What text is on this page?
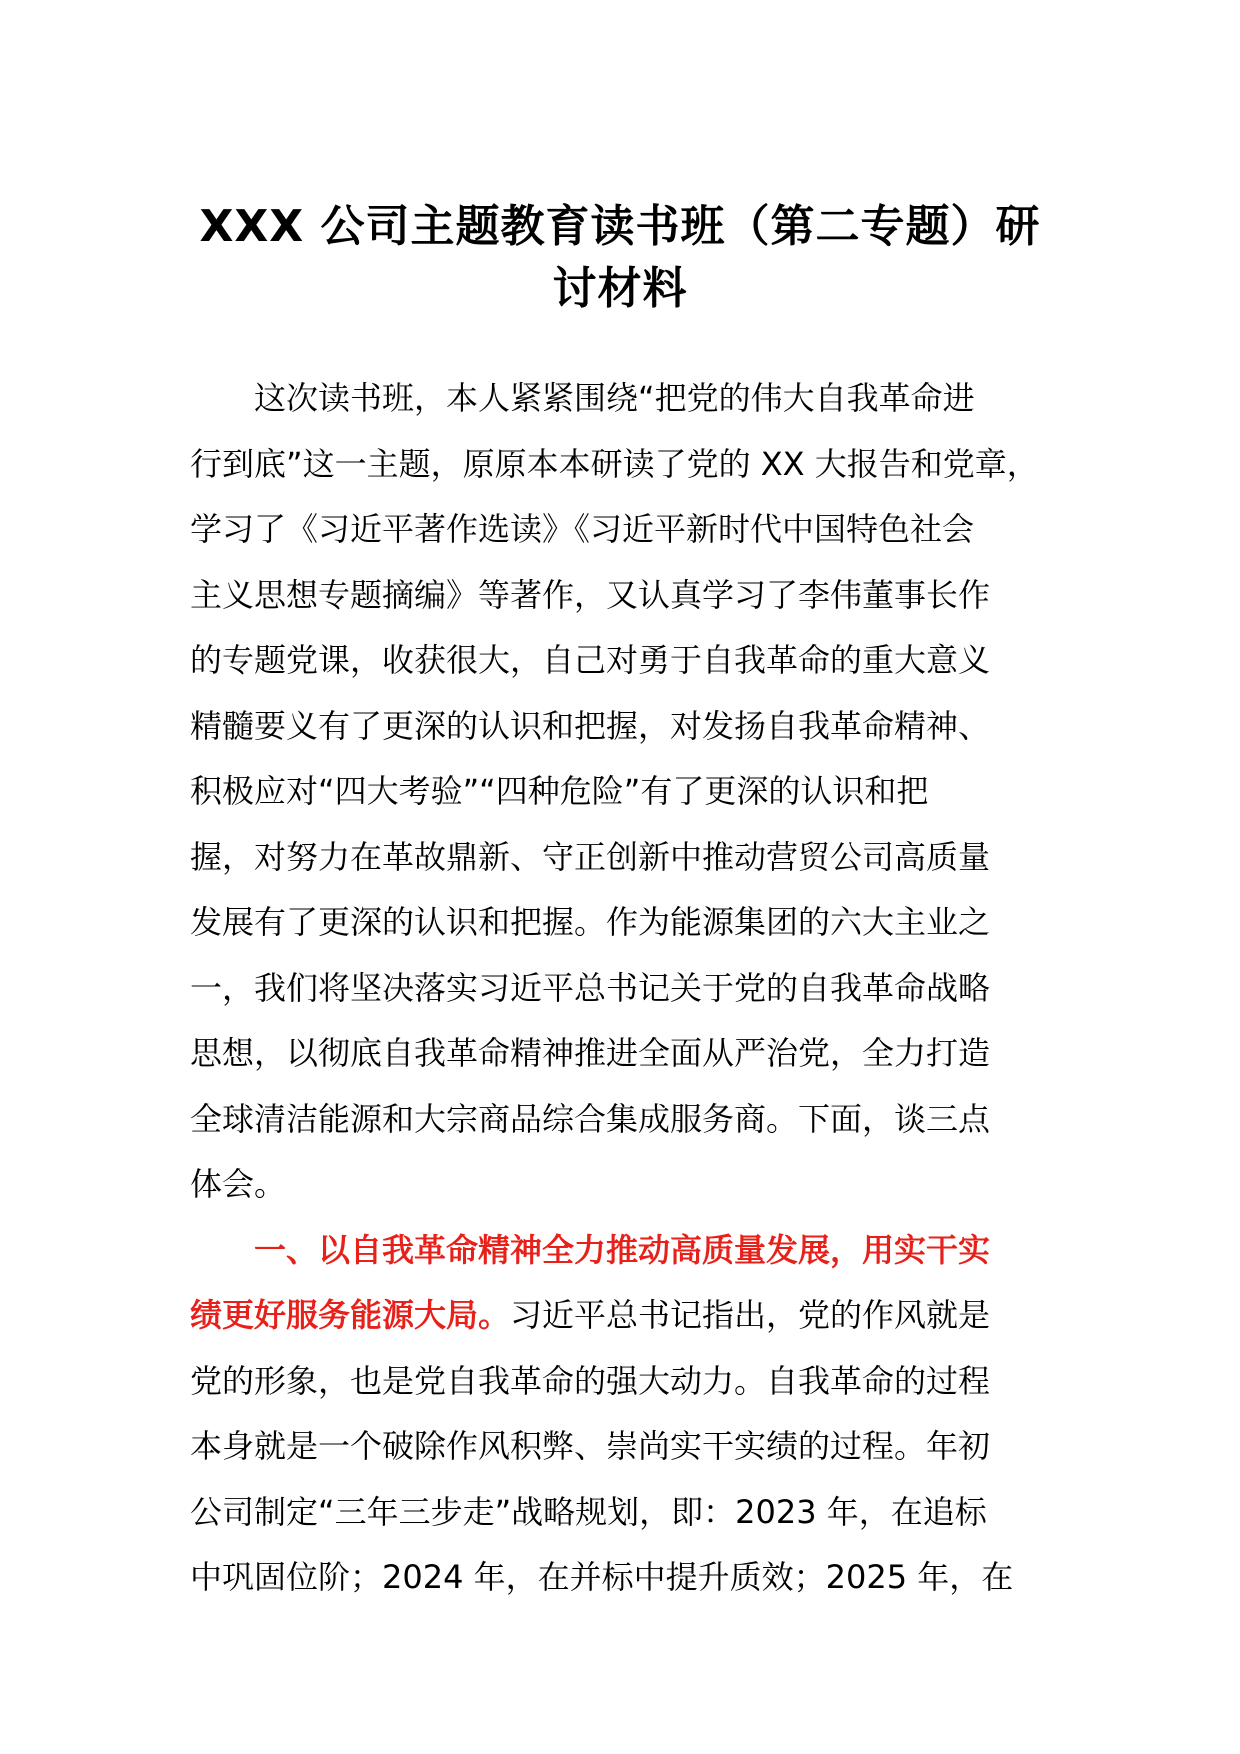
XXX 公司主题教育读书班（第二专题）研
讨材料
这次读书班，本人紧紧围绕“把党的伟大自我革命进
行到底”这一主题，原原本本研读了党的 XX 大报告和党章，
学习了《习近平著作选读》《习近平新时代中国特色社会
主义思想专题摘编》等著作，又认真学习了李伟董事长作
的专题党课，收获很大，自己对勇于自我革命的重大意义
精髓要义有了更深的认识和把握，对发扬自我革命精神、
积极应对“四大考验”“四种危险”有了更深的认识和把
握，对努力在革故鼎新、守正创新中推动营贸公司高质量
发展有了更深的认识和把握。作为能源集团的六大主业之
一，我们将坚决落实习近平总书记关于党的自我革命战略
思想，以彻底自我革命精神推进全面从严治党，全力打造
全球清洁能源和大宗商品综合集成服务商。下面，谈三点
体会。
一、以自我革命精神全力推动高质量发展，用实干实
绩更好服务能源大局。习近平总书记指出，党的作风就是
党的形象，也是党自我革命的强大动力。自我革命的过程
本身就是一个破除作风积弊、崇尚实干实绩的过程。年初
公司制定“三年三步走”战略规划，即：2023 年，在追标
中巩固位阶；2024 年，在并标中提升质效；2025 年，在
